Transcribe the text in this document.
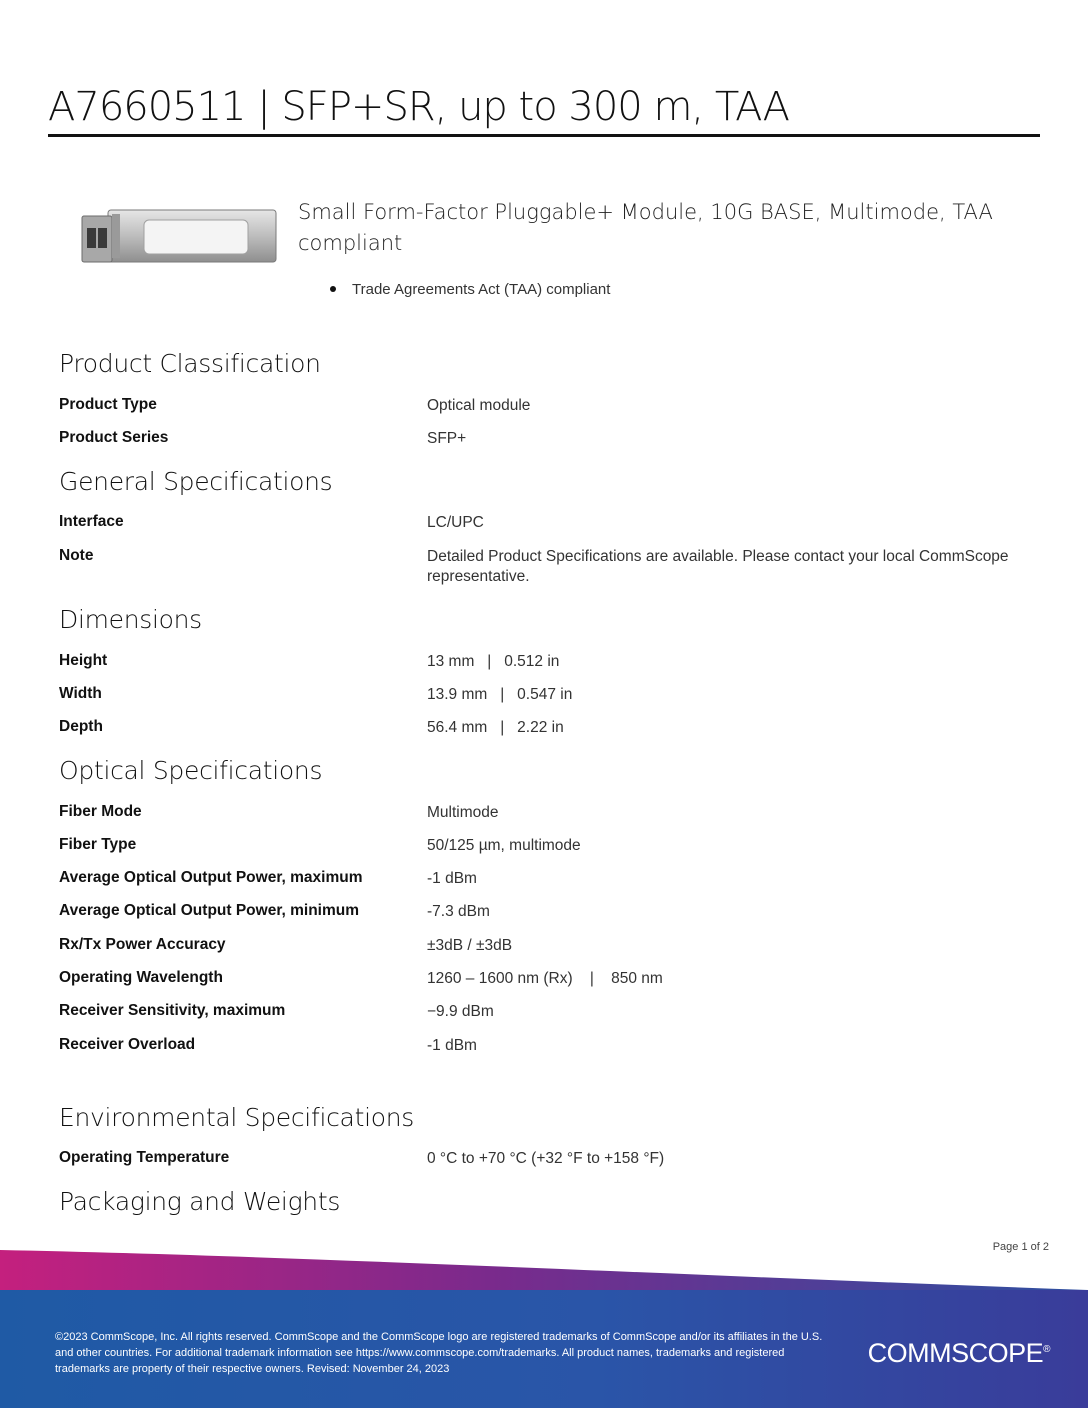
A7660511 | SFP+SR, up to 300 m, TAA
Small Form-Factor Pluggable+ Module, 10G BASE, Multimode, TAA compliant
Trade Agreements Act (TAA) compliant
Product Classification
Product Type	Optical module
Product Series	SFP+
General Specifications
Interface	LC/UPC
Note	Detailed Product Specifications are available. Please contact your local CommScope representative.
Dimensions
Height	13 mm   |   0.512 in
Width	13.9 mm   |   0.547 in
Depth	56.4 mm   |   2.22 in
Optical Specifications
Fiber Mode	Multimode
Fiber Type	50/125 µm, multimode
Average Optical Output Power, maximum	-1 dBm
Average Optical Output Power, minimum	-7.3 dBm
Rx/Tx Power Accuracy	±3dB / ±3dB
Operating Wavelength	1260 – 1600 nm (Rx)    |    850 nm
Receiver Sensitivity, maximum	−9.9 dBm
Receiver Overload	-1 dBm
Environmental Specifications
Operating Temperature	0 °C to +70 °C (+32 °F to +158 °F)
Packaging and Weights
Page 1 of 2
©2023 CommScope, Inc. All rights reserved. CommScope and the CommScope logo are registered trademarks of CommScope and/or its affiliates in the U.S. and other countries. For additional trademark information see https://www.commscope.com/trademarks. All product names, trademarks and registered trademarks are property of their respective owners. Revised: November 24, 2023
COMMSCOPE®
